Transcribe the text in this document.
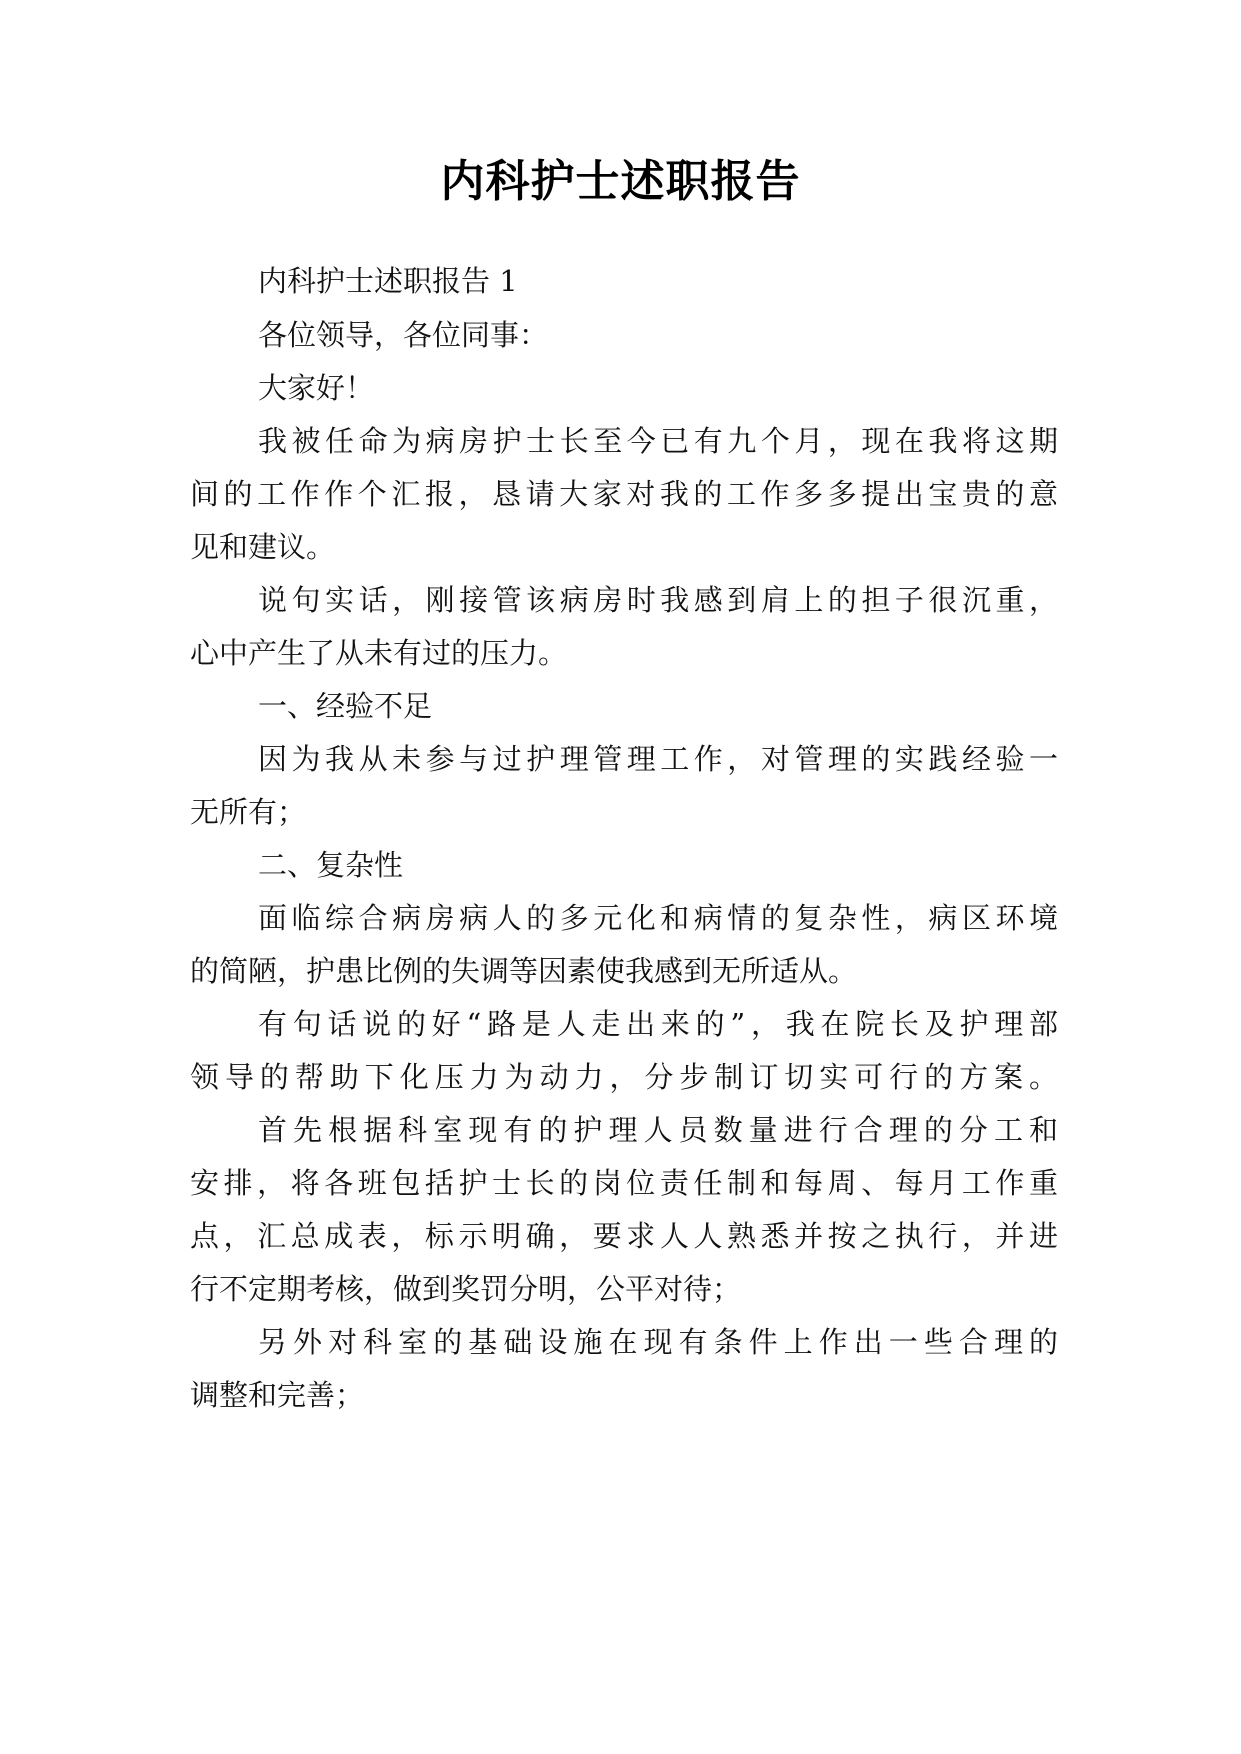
内科护士述职报告

内科护士述职报告 1

各位领导，各位同事：

大家好！

我被任命为病房护士长至今已有九个月，现在我将这期

间的工作作个汇报，恳请大家对我的工作多多提出宝贵的意

见和建议。

说句实话，刚接管该病房时我感到肩上的担子很沉重，

心中产生了从未有过的压力。

一、经验不足

因为我从未参与过护理管理工作，对管理的实践经验一

无所有；

二、复杂性

面临综合病房病人的多元化和病情的复杂性，病区环境

的简陋，护患比例的失调等因素使我感到无所适从。

有句话说的好“路是人走出来的”，我在院长及护理部

领导的帮助下化压力为动力，分步制订切实可行的方案。

首先根据科室现有的护理人员数量进行合理的分工和

安排，将各班包括护士长的岗位责任制和每周、每月工作重

点，汇总成表，标示明确，要求人人熟悉并按之执行，并进

行不定期考核，做到奖罚分明，公平对待；

另外对科室的基础设施在现有条件上作出一些合理的

调整和完善；
